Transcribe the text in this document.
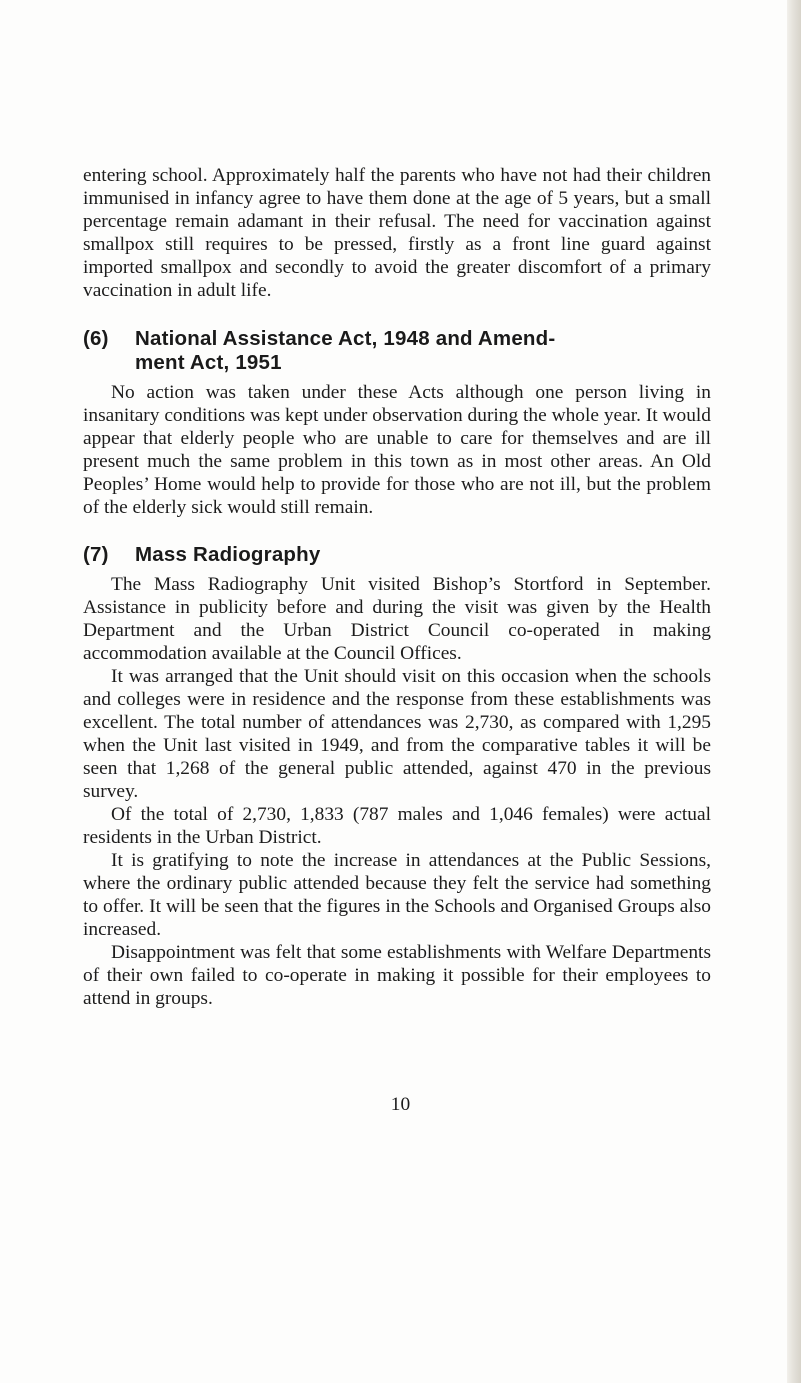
entering school. Approximately half the parents who have not had their children immunised in infancy agree to have them done at the age of 5 years, but a small percentage remain adamant in their refusal. The need for vaccination against smallpox still requires to be pressed, firstly as a front line guard against imported smallpox and secondly to avoid the greater discomfort of a primary vaccination in adult life.

(6) National Assistance Act, 1948 and Amend-
ment Act, 1951

No action was taken under these Acts although one person living in insanitary conditions was kept under observation during the whole year. It would appear that elderly people who are unable to care for themselves and are ill present much the same problem in this town as in most other areas. An Old Peoples’ Home would help to provide for those who are not ill, but the problem of the elderly sick would still remain.

(7) Mass Radiography

The Mass Radiography Unit visited Bishop’s Stortford in September. Assistance in publicity before and during the visit was given by the Health Department and the Urban District Council co-operated in making accommodation available at the Council Offices.

It was arranged that the Unit should visit on this occasion when the schools and colleges were in residence and the response from these establishments was excellent. The total number of attendances was 2,730, as compared with 1,295 when the Unit last visited in 1949, and from the comparative tables it will be seen that 1,268 of the general public attended, against 470 in the previous survey.

Of the total of 2,730, 1,833 (787 males and 1,046 females) were actual residents in the Urban District.

It is gratifying to note the increase in attendances at the Public Sessions, where the ordinary public attended because they felt the service had something to offer. It will be seen that the figures in the Schools and Organised Groups also increased.

Disappointment was felt that some establishments with Welfare Departments of their own failed to co-operate in making it possible for their employees to attend in groups.

10
